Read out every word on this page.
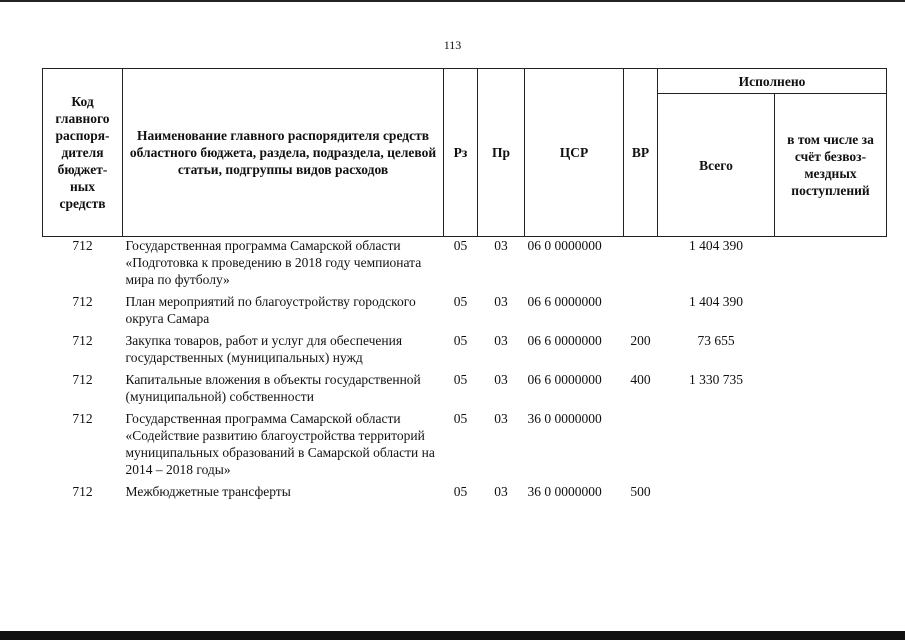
113
Код главного распоря-дителя бюджет-ных средств	Наименование главного распорядителя средств областного бюджета, раздела, подраздела, целевой статьи, подгруппы видов расходов	Рз	Пр	ЦСР	ВР	Исполнено	
						Всего	в том числе за счёт безвоз-мездных поступлений
712	Государственная программа Самарской области «Подготовка к проведению в 2018 году чемпионата мира по футболу»	05	03	06 0 0000000		1 404 390	
712	План мероприятий по благоустройству городского округа Самара	05	03	06 6 0000000		1 404 390	
712	Закупка товаров, работ и услуг для обеспечения государственных (муниципальных) нужд	05	03	06 6 0000000	200	73 655	
712	Капитальные вложения в объекты государственной (муниципальной) собственности	05	03	06 6 0000000	400	1 330 735	
712	Государственная программа Самарской области «Содействие развитию благоустройства территорий муниципальных образований в Самарской области на 2014 – 2018 годы»	05	03	36 0 0000000			
712	Межбюджетные трансферты	05	03	36 0 0000000	500		
